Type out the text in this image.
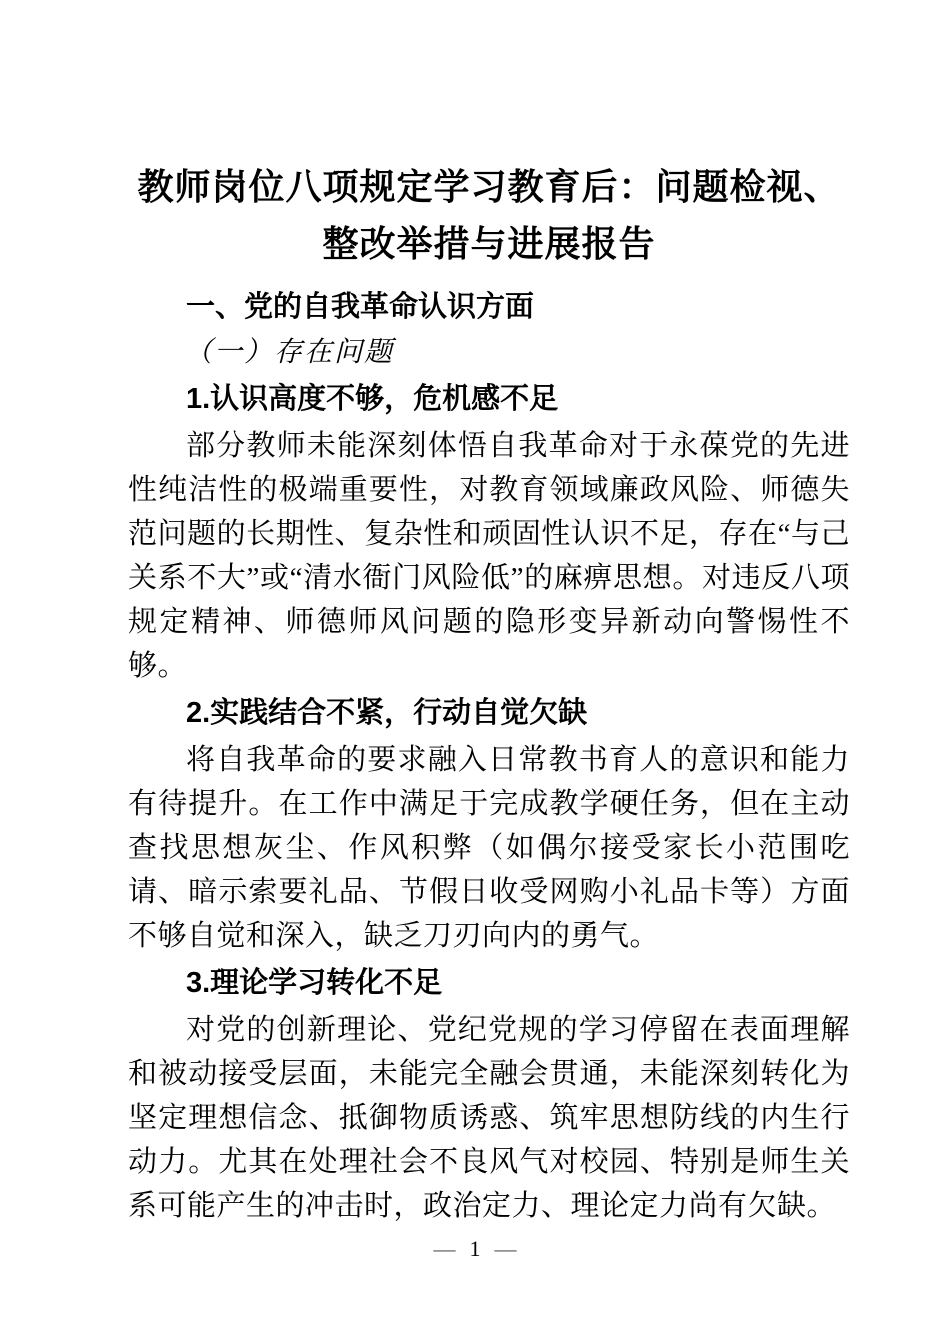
教师岗位八项规定学习教育后：问题检视、整改举措与进展报告
一、党的自我革命认识方面
（一）存在问题
1.认识高度不够，危机感不足

部分教师未能深刻体悟自我革命对于永葆党的先进性纯洁性的极端重要性，对教育领域廉政风险、师德失范问题的长期性、复杂性和顽固性认识不足，存在“与己关系不大”或“清水衙门风险低”的麻痹思想。对违反八项规定精神、师德师风问题的隐形变异新动向警惕性不够。

2.实践结合不紧，行动自觉欠缺

将自我革命的要求融入日常教书育人的意识和能力有待提升。在工作中满足于完成教学硬任务，但在主动查找思想灰尘、作风积弊（如偶尔接受家长小范围吃请、暗示索要礼品、节假日收受网购小礼品卡等）方面不够自觉和深入，缺乏刀刃向内的勇气。

3.理论学习转化不足

对党的创新理论、党纪党规的学习停留在表面理解和被动接受层面，未能完全融会贯通，未能深刻转化为坚定理想信念、抵御物质诱惑、筑牢思想防线的内生行动力。尤其在处理社会不良风气对校园、特别是师生关系可能产生的冲击时，政治定力、理论定力尚有欠缺。

— 1 —
